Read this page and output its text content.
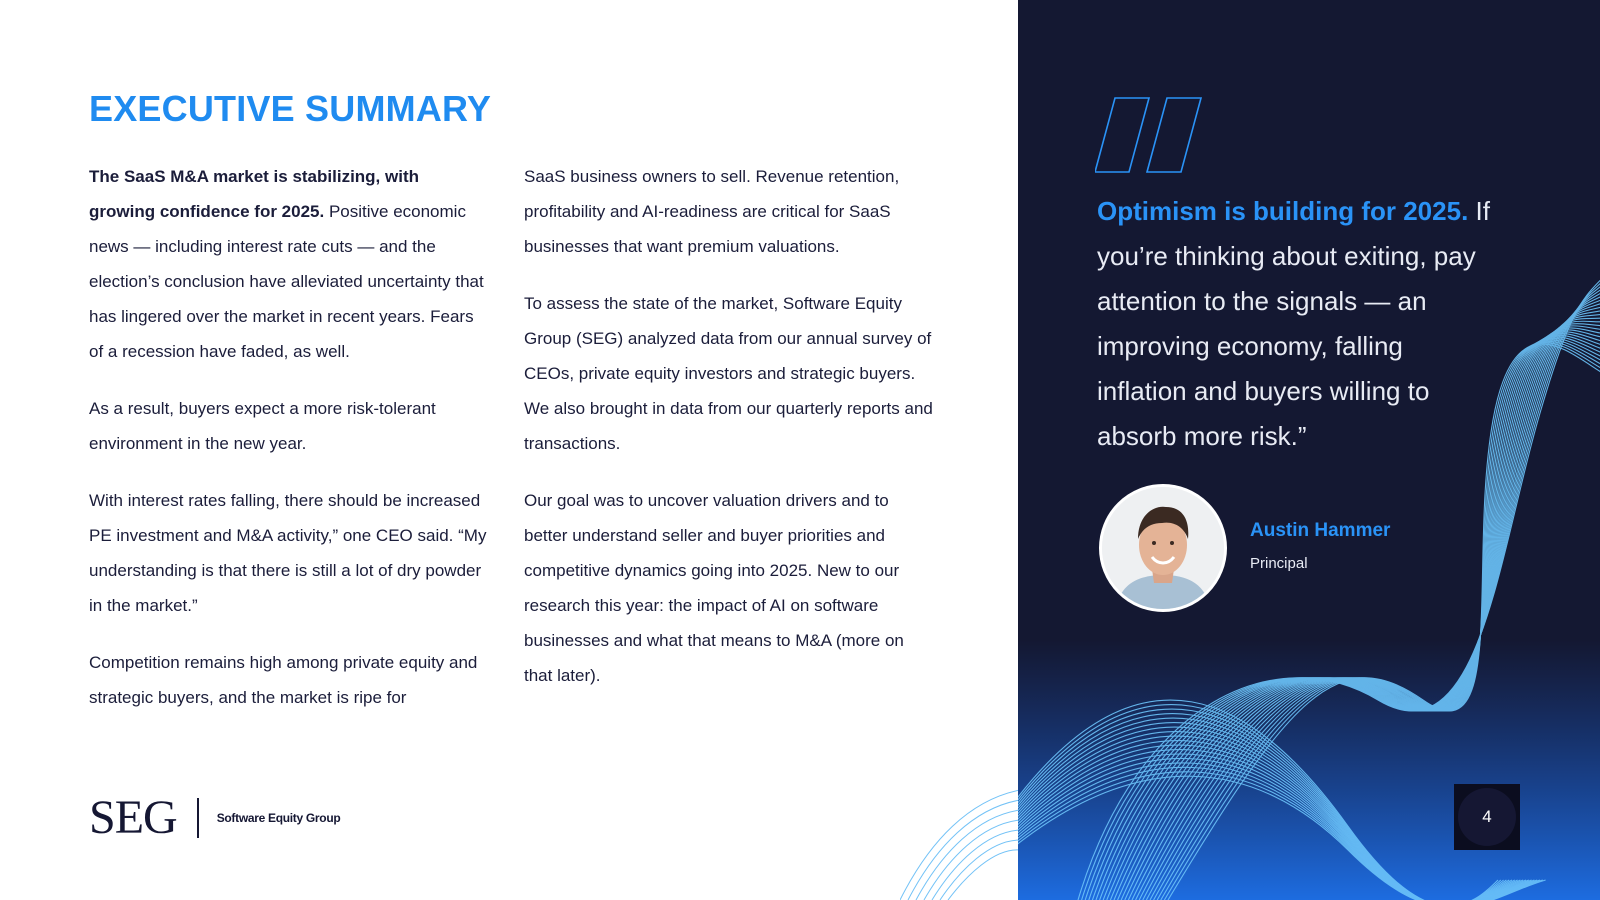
EXECUTIVE SUMMARY

The SaaS M&A market is stabilizing, with growing confidence for 2025. Positive economic news — including interest rate cuts — and the election’s conclusion have alleviated uncertainty that has lingered over the market in recent years. Fears of a recession have faded, as well.

As a result, buyers expect a more risk-tolerant environment in the new year.

With interest rates falling, there should be increased PE investment and M&A activity,” one CEO said. “My understanding is that there is still a lot of dry powder in the market.”

Competition remains high among private equity and strategic buyers, and the market is ripe for

SaaS business owners to sell. Revenue retention, profitability and AI-readiness are critical for SaaS businesses that want premium valuations.

To assess the state of the market, Software Equity Group (SEG) analyzed data from our annual survey of CEOs, private equity investors and strategic buyers. We also brought in data from our quarterly reports and transactions.

Our goal was to uncover valuation drivers and to better understand seller and buyer priorities and competitive dynamics going into 2025. New to our research this year: the impact of AI on software businesses and what that means to M&A (more on that later).

SEG	Software Equity Group

Optimism is building for 2025. If you’re thinking about exiting, pay attention to the signals — an improving economy, falling inflation and buyers willing to absorb more risk.”

Austin Hammer
Principal
4
